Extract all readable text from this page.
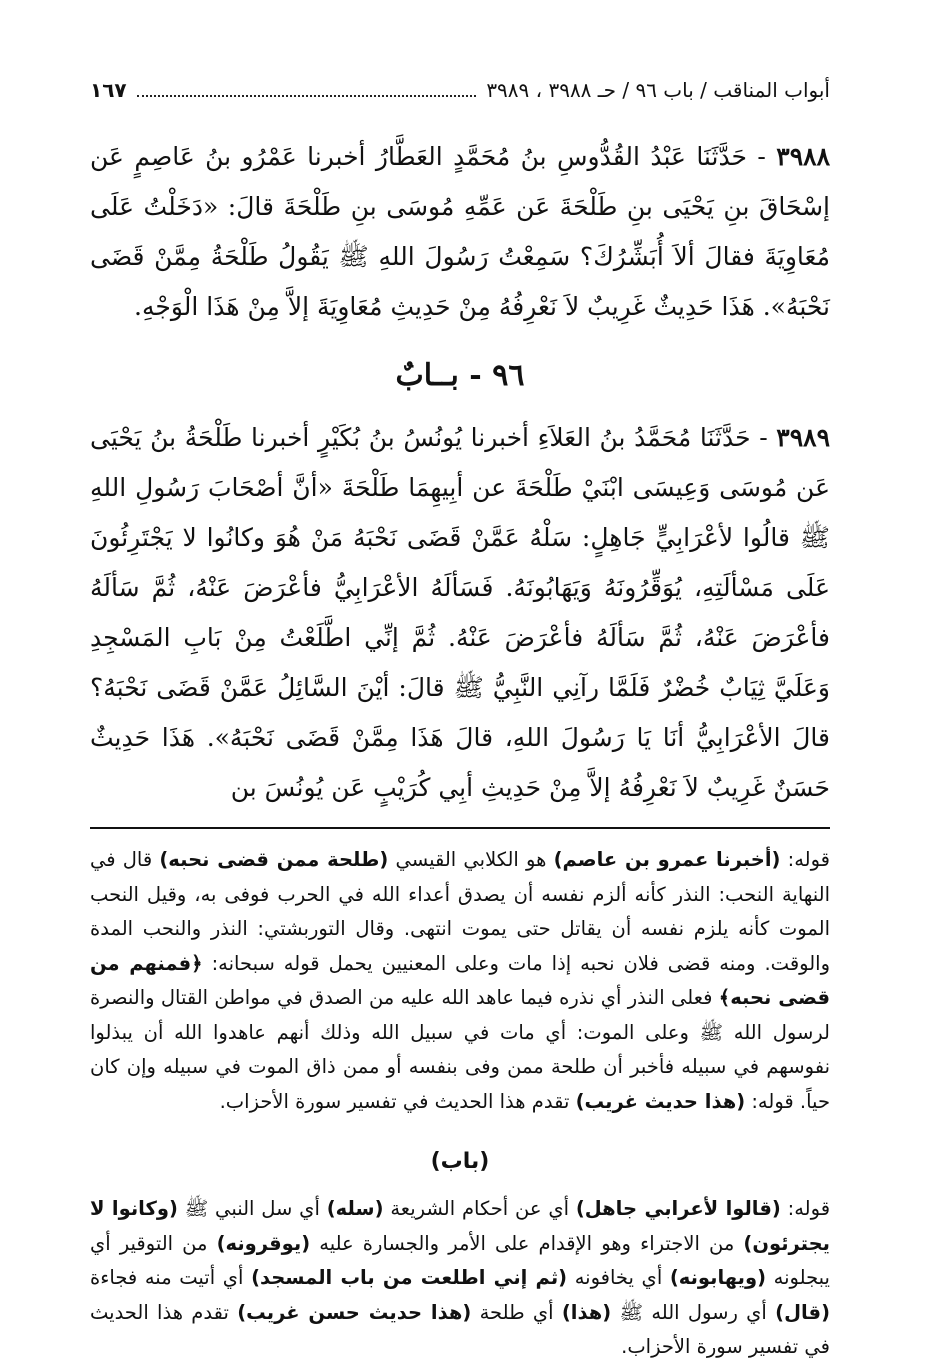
أبواب المناقب / باب ٩٦ / حـ ٣٩٨٨ ، ٣٩٨٩
١٦٧

٣٩٨٨ - حَدَّثَنَا عَبْدُ القُدُّوسِ بنُ مُحَمَّدٍ العَطَّارُ أخبرنا عَمْرُو بنُ عَاصِمٍ عَن إسْحَاقَ بنِ يَحْيَى بنِ طَلْحَةَ عَن عَمِّهِ مُوسَى بنِ طَلْحَةَ قالَ: «دَخَلْتُ عَلَى مُعَاوِيَةَ فقالَ ألاَ أُبَشِّرُكَ؟ سَمِعْتُ رَسُولَ اللهِ ﷺ يَقُولُ طَلْحَةُ مِمَّنْ قَضَى نَحْبَهُ». هَذَا حَدِيثٌ غَرِيبٌ لاَ نَعْرِفُهُ مِنْ حَدِيثِ مُعَاوِيَةَ إلاَّ مِنْ هَذَا الْوَجْهِ.

٩٦ - بــابٌ

٣٩٨٩ - حَدَّثَنَا مُحَمَّدُ بنُ العَلاَءِ أخبرنا يُونُسُ بنُ بُكَيْرٍ أخبرنا طَلْحَةُ بنُ يَحْيَى عَن مُوسَى وَعِيسَى ابْنَيْ طَلْحَةَ عن أبِيهِمَا طَلْحَةَ «أنَّ أصْحَابَ رَسُولِ اللهِ ﷺ قالُوا لأعْرَابِيٍّ جَاهِلٍ: سَلْهُ عَمَّنْ قَضَى نَحْبَهُ مَنْ هُوَ وكانُوا لا يَجْتَرِئُونَ عَلَى مَسْألَتِهِ، يُوَقِّرُونَهُ وَيَهَابُونَهُ. فَسَألَهُ الأعْرَابِيُّ فأعْرَضَ عَنْهُ، ثُمَّ سَألَهُ فأعْرَضَ عَنْهُ، ثُمَّ سَألَهُ فأعْرَضَ عَنْهُ. ثُمَّ إنِّي اطَّلَعْتُ مِنْ بَابِ المَسْجِدِ وَعَلَيَّ ثِيَابٌ خُضْرٌ فَلَمَّا رآنِي النَّبِيُّ ﷺ قالَ: أيْنَ السَّائِلُ عَمَّنْ قَضَى نَحْبَهُ؟ قالَ الأعْرَابِيُّ أنَا يَا رَسُولَ اللهِ، قالَ هَذَا مِمَّنْ قَضَى نَحْبَهُ». هَذَا حَدِيثٌ حَسَنٌ غَرِيبٌ لاَ نَعْرِفُهُ إلاَّ مِنْ حَدِيثِ أبِي كُرَيْبٍ عَن يُونُسَ بن

قوله: (أخبرنا عمرو بن عاصم) هو الكلابي القيسي (طلحة ممن قضى نحبه) قال في النهاية النحب: النذر كأنه ألزم نفسه أن يصدق أعداء الله في الحرب فوفى به، وقيل النحب الموت كأنه يلزم نفسه أن يقاتل حتى يموت انتهى. وقال التوربشتي: النذر والنحب المدة والوقت. ومنه قضى فلان نحبه إذا مات وعلى المعنيين يحمل قوله سبحانه: ﴿فمنهم من قضى نحبه﴾ فعلى النذر أي نذره فيما عاهد الله عليه من الصدق في مواطن القتال والنصرة لرسول الله ﷺ وعلى الموت: أي مات في سبيل الله وذلك أنهم عاهدوا الله أن يبذلوا نفوسهم في سبيله فأخبر أن طلحة ممن وفى بنفسه أو ممن ذاق الموت في سبيله وإن كان حياً. قوله: (هذا حديث غريب) تقدم هذا الحديث في تفسير سورة الأحزاب.

(باب)

قوله: (قالوا لأعرابي جاهل) أي عن أحكام الشريعة (سله) أي سل النبي ﷺ (وكانوا لا يجترئون) من الاجتراء وهو الإقدام على الأمر والجسارة عليه (يوقرونه) من التوقير أي يبجلونه (ويهابونه) أي يخافونه (ثم إني اطلعت من باب المسجد) أي أتيت منه فجاءة (قال) أي رسول الله ﷺ (هذا) أي طلحة (هذا حديث حسن غريب) تقدم هذا الحديث في تفسير سورة الأحزاب.
